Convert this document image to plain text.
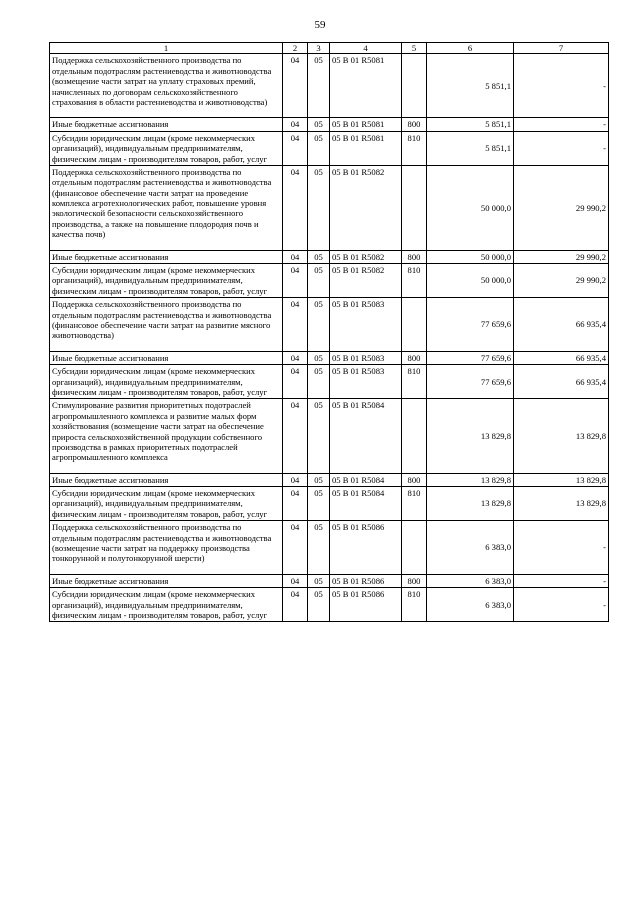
59
1	2	3	4	5	6	7
Поддержка сельскохозяйственного производства по отдельным подотраслям растениеводства и животноводства (возмещение части затрат на уплату страховых премий, начисленных по договорам сельскохозяйственного страхования в области растениеводства и животноводства)	04	05	05 В 01 R5081		5 851,1	-
Иные бюджетные ассигнования	04	05	05 В 01 R5081	800	5 851,1	-
Субсидии юридическим лицам (кроме некоммерческих организаций), индивидуальным предпринимателям, физическим лицам - производителям товаров, работ, услуг	04	05	05 В 01 R5081	810	5 851,1	-
Поддержка сельскохозяйственного производства по отдельным подотраслям растениеводства и животноводства (финансовое обеспечение части затрат на проведение комплекса агротехнологических работ, повышение уровня экологической безопасности сельскохозяйственного производства, а также на повышение плодородия почв и качества почв)	04	05	05 В 01 R5082		50 000,0	29 990,2
Иные бюджетные ассигнования	04	05	05 В 01 R5082	800	50 000,0	29 990,2
Субсидии юридическим лицам (кроме некоммерческих организаций), индивидуальным предпринимателям, физическим лицам - производителям товаров, работ, услуг	04	05	05 В 01 R5082	810	50 000,0	29 990,2
Поддержка сельскохозяйственного производства по отдельным подотраслям растениеводства и животноводства (финансовое обеспечение части затрат на развитие мясного животноводства)	04	05	05 В 01 R5083		77 659,6	66 935,4
Иные бюджетные ассигнования	04	05	05 В 01 R5083	800	77 659,6	66 935,4
Субсидии юридическим лицам (кроме некоммерческих организаций), индивидуальным предпринимателям, физическим лицам - производителям товаров, работ, услуг	04	05	05 В 01 R5083	810	77 659,6	66 935,4
Стимулирование развития приоритетных подотраслей агропромышленного комплекса и развитие малых форм хозяйствования (возмещение части затрат на обеспечение прироста сельскохозяйственной продукции собственного производства в рамках приоритетных подотраслей агропромышленного комплекса	04	05	05 В 01 R5084		13 829,8	13 829,8
Иные бюджетные ассигнования	04	05	05 В 01 R5084	800	13 829,8	13 829,8
Субсидии юридическим лицам (кроме некоммерческих организаций), индивидуальным предпринимателям, физическим лицам - производителям товаров, работ, услуг	04	05	05 В 01 R5084	810	13 829,8	13 829,8
Поддержка сельскохозяйственного производства по отдельным подотраслям растениеводства и животноводства (возмещение части затрат на поддержку производства тонкорунной и полутонкорунной шерсти)	04	05	05 В 01 R5086		6 383,0	-
Иные бюджетные ассигнования	04	05	05 В 01 R5086	800	6 383,0	-
Субсидии юридическим лицам (кроме некоммерческих организаций), индивидуальным предпринимателям, физическим лицам - производителям товаров, работ, услуг	04	05	05 В 01 R5086	810	6 383,0	-
